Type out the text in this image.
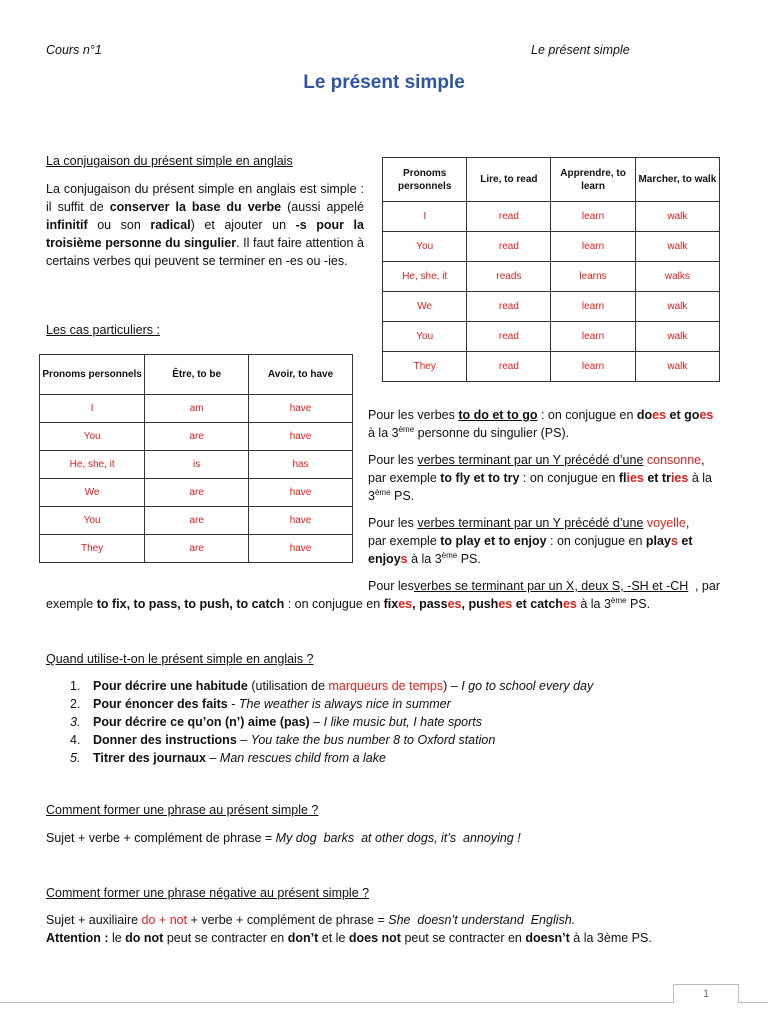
Cours n°1	Le présent simple
Le présent simple
La conjugaison du présent simple en anglais
La conjugaison du présent simple en anglais est simple : il suffit de conserver la base du verbe (aussi appelé infinitif ou son radical) et ajouter un -s pour la troisième personne du singulier. Il faut faire attention à certains verbes qui peuvent se terminer en -es ou -ies.
Pronoms personnels	Lire, to read	Apprendre, to learn	Marcher, to walk
I	read	learn	walk
You	read	learn	walk
He, she, it	reads	learns	walks
We	read	learn	walk
You	read	learn	walk
They	read	learn	walk
Les cas particuliers :
Pronoms personnels	Être, to be	Avoir, to have
I	am	have
You	are	have
He, she, it	is	has
We	are	have
You	are	have
They	are	have
Pour les verbes to do et to go : on conjugue en does et goes
à la 3ème personne du singulier (PS).
Pour les verbes terminant par un Y précédé d’une consonne,
par exemple to fly et to try : on conjugue en flies et tries à la
3ème PS.
Pour les verbes terminant par un Y précédé d’une voyelle,
par exemple to play et to enjoy : on conjugue en plays et
enjoys à la 3ème PS.
Pour les verbes se terminant par un X, deux S, -SH et -CH , par
exemple to fix, to pass, to push, to catch : on conjugue en fixes, passes, pushes et catches à la 3ème PS.
Quand utilise-t-on le présent simple en anglais ?
1. Pour décrire une habitude (utilisation de marqueurs de temps) – I go to school every day
2. Pour énoncer des faits - The weather is always nice in summer
3. Pour décrire ce qu’on (n’) aime (pas) – I like music but, I hate sports
4. Donner des instructions – You take the bus number 8 to Oxford station
5. Titrer des journaux – Man rescues child from a lake
Comment former une phrase au présent simple ?
Sujet + verbe + complément de phrase = My dog  barks  at other dogs, it’s  annoying !
Comment former une phrase négative au présent simple ?
Sujet + auxiliaire do + not + verbe + complément de phrase = She  doesn’t understand  English.
Attention : le do not peut se contracter en don’t et le does not peut se contracter en doesn’t à la 3ème PS.
1
